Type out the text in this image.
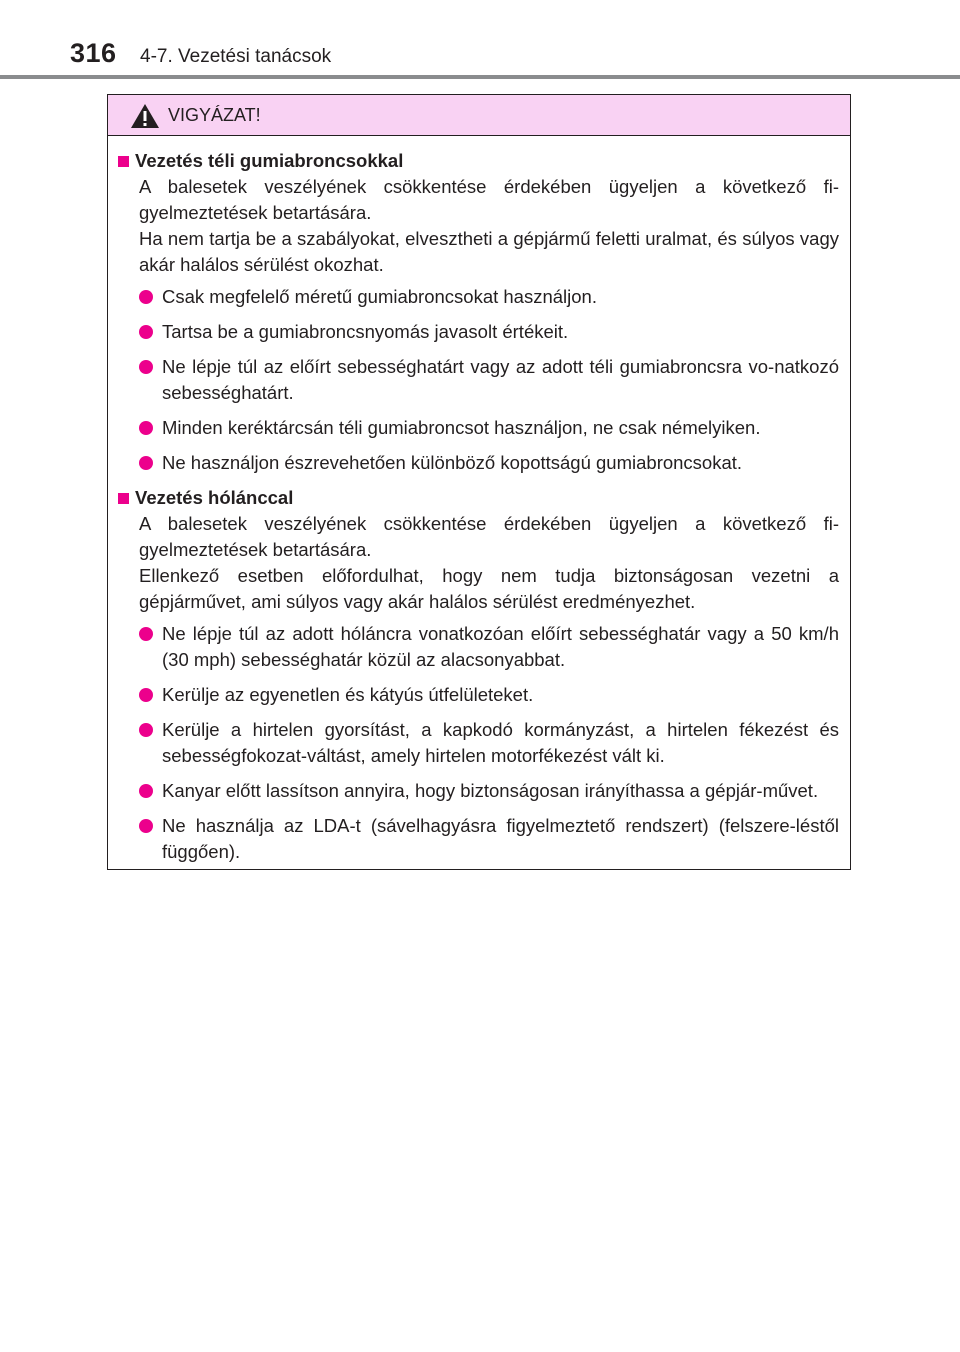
316 4-7. Vezetési tanácsok
VIGYÁZAT!
Vezetés téli gumiabroncsokkal

A balesetek veszélyének csökkentése érdekében ügyeljen a következő fi-gyelmeztetések betartására.

Ha nem tartja be a szabályokat, elvesztheti a gépjármű feletti uralmat, és súlyos vagy akár halálos sérülést okozhat.

Csak megfelelő méretű gumiabroncsokat használjon.
Tartsa be a gumiabroncsnyomás javasolt értékeit.
Ne lépje túl az előírt sebességhatárt vagy az adott téli gumiabroncsra vo-natkozó sebességhatárt.
Minden keréktárcsán téli gumiabroncsot használjon, ne csak némelyiken.
Ne használjon észrevehetően különböző kopottságú gumiabroncsokat.
Vezetés hólánccal

A balesetek veszélyének csökkentése érdekében ügyeljen a következő fi-gyelmeztetések betartására.

Ellenkező esetben előfordulhat, hogy nem tudja biztonságosan vezetni a gépjárművet, ami súlyos vagy akár halálos sérülést eredményezhet.

Ne lépje túl az adott hóláncra vonatkozóan előírt sebességhatár vagy a 50 km/h (30 mph) sebességhatár közül az alacsonyabbat.
Kerülje az egyenetlen és kátyús útfelületeket.
Kerülje a hirtelen gyorsítást, a kapkodó kormányzást, a hirtelen fékezést és sebességfokozat-váltást, amely hirtelen motorfékezést vált ki.
Kanyar előtt lassítson annyira, hogy biztonságosan irányíthassa a gépjár-művet.
Ne használja az LDA-t (sávelhagyásra figyelmeztető rendszert) (felszere-léstől függően).
